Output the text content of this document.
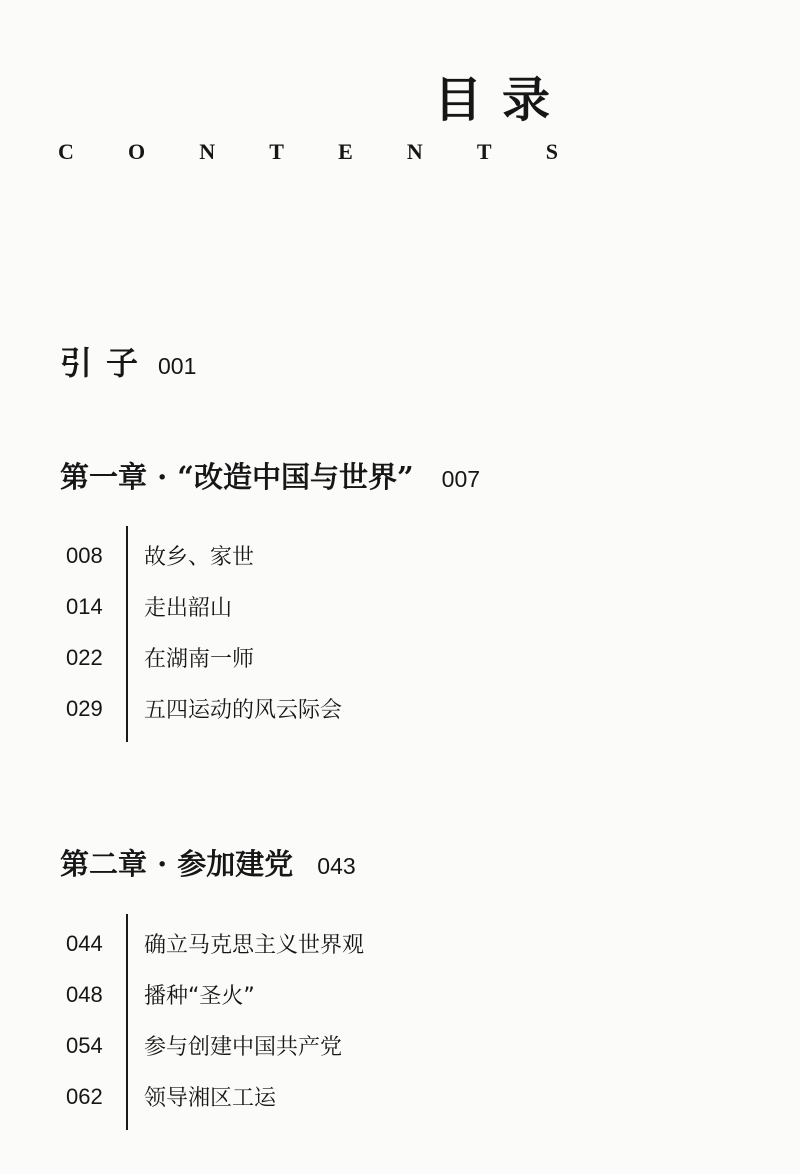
目录
C O N T E N T S
引子 001
第一章 · “改造中国与世界” 007
008	故乡、家世
014	走出韶山
022	在湖南一师
029	五四运动的风云际会
第二章 · 参加建党 043
044	确立马克思主义世界观
048	播种“圣火”
054	参与创建中国共产党
062	领导湘区工运
